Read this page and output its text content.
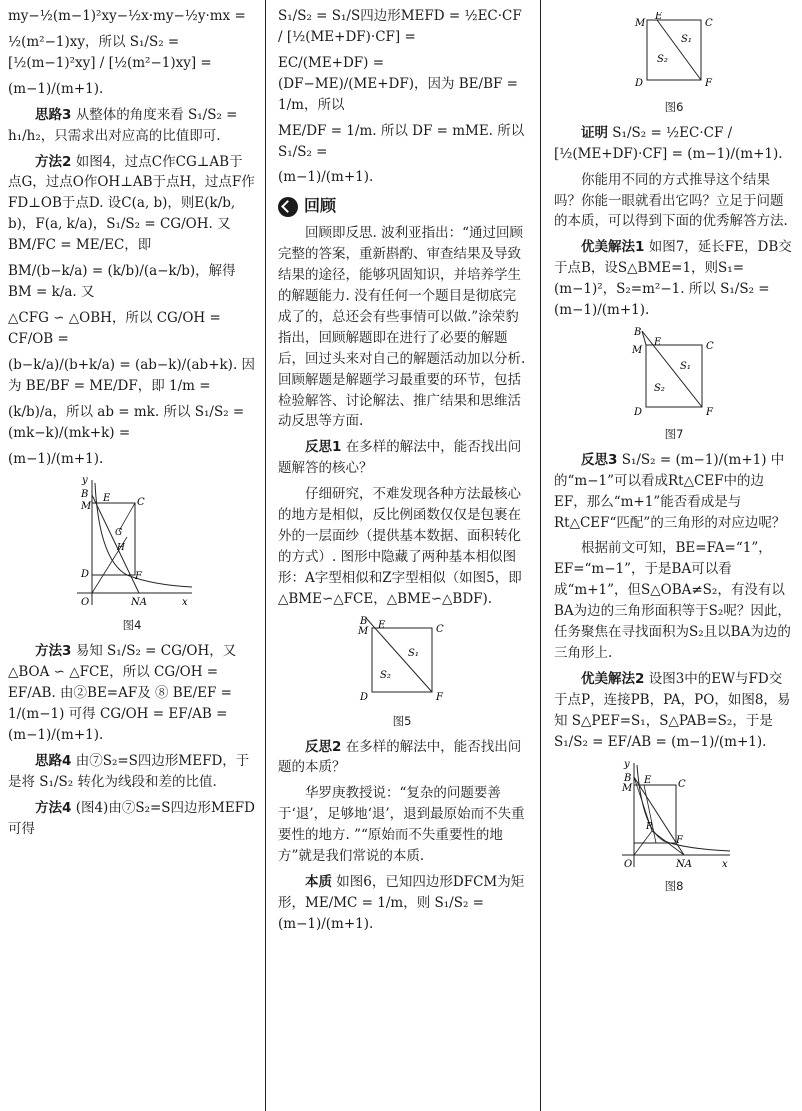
my−½(m−1)²xy−½x·my−½y·mx =

½(m²−1)xy，所以 S₁/S₂ = [½(m−1)²xy] / [½(m²−1)xy] =

(m−1)/(m+1).

思路3 从整体的角度来看 S₁/S₂ = h₁/h₂，只需求出对应高的比值即可.

方法2 如图4，过点C作CG⊥AB于点G，过点O作OH⊥AB于点H，过点F作FD⊥OB于点D. 设C(a, b)，则E(k/b, b)，F(a, k/a)，S₁/S₂ = CG/OH. 又 BM/FC = ME/EC，即

BM/(b−k/a) = (k/b)/(a−k/b)，解得 BM = k/a. 又

△CFG ∽ △OBH，所以 CG/OH = CF/OB =

(b−k/a)/(b+k/a) = (ab−k)/(ab+k). 因为 BE/BF = ME/DF，即 1/m =

(k/b)/a，所以 ab = mk. 所以 S₁/S₂ = (mk−k)/(mk+k) =

(m−1)/(m+1).

B
M
E	C
G
H
D	F
O	NA	x
y
图4

方法3 易知 S₁/S₂ = CG/OH，又△BOA ∽ △FCE，所以 CG/OH = EF/AB. 由②BE=AF及 ⑧ BE/EF = 1/(m−1) 可得 CG/OH = EF/AB = (m−1)/(m+1).

思路4 由⑦S₂=S四边形MEFD，于是将 S₁/S₂ 转化为线段和差的比值.

方法4 (图4)由⑦S₂=S四边形MEFD可得

S₁/S₂ = S₁/S四边形MEFD = ½EC·CF / [½(ME+DF)·CF] =

EC/(ME+DF) = (DF−ME)/(ME+DF)，因为 BE/BF = 1/m，所以

ME/DF = 1/m. 所以 DF = mME. 所以 S₁/S₂ =

(m−1)/(m+1).

回顾

回顾即反思. 波利亚指出：“通过回顾完整的答案，重新斟酌、审查结果及导致结果的途径，能够巩固知识，并培养学生的解题能力. 没有任何一个题目是彻底完成了的，总还会有些事情可以做.”涂荣豹指出，回顾解题即在进行了必要的解题后，回过头来对自己的解题活动加以分析. 回顾解题是解题学习最重要的环节，包括检验解答、讨论解法、推广结果和思维活动反思等方面.

反思1 在多样的解法中，能否找出问题解答的核心？

仔细研究，不难发现各种方法最核心的地方是相似，反比例函数仅仅是包裹在外的一层面纱（提供基本数据、面积转化的方式）. 图形中隐藏了两种基本相似图形：A字型相似和Z字型相似（如图5，即△BME∽△FCE，△BME∽△BDF).

B
M
E	C
S₁
S₂
D	F
图5

反思2 在多样的解法中，能否找出问题的本质？

华罗庚教授说：“复杂的问题要善于‘退’，足够地‘退’，退到最原始而不失重要性的地方. ”“原始而不失重要性的地方”就是我们常说的本质.

本质 如图6，已知四边形DFCM为矩形，ME/MC = 1/m，则 S₁/S₂ = (m−1)/(m+1).

M
E
C
S₁
S₂
D	F
图6

证明 S₁/S₂ = ½EC·CF / [½(ME+DF)·CF] = (m−1)/(m+1).

你能用不同的方式推导这个结果吗？你能一眼就看出它吗？立足于问题的本质，可以得到下面的优秀解答方法.

优美解法1 如图7，延长FE，DB交于点B，设S△BME=1，则S₁=(m−1)²，S₂=m²−1. 所以 S₁/S₂ = (m−1)/(m+1).

B
M
E	C
S₁
S₂
D	F
图7

反思3 S₁/S₂ = (m−1)/(m+1) 中的“m−1”可以看成Rt△CEF中的边EF，那么“m+1”能否看成是与Rt△CEF“匹配”的三角形的对应边呢？

根据前文可知，BE=FA=“1”，EF=“m−1”，于是BA可以看成“m+1”，但S△OBA≠S₂，有没有以BA为边的三角形面积等于S₂呢？因此，任务聚焦在寻找面积为S₂且以BA为边的三角形上.

优美解法2 设图3中的EW与FD交于点P，连接PB，PA，PO，如图8，易知 S△PEF=S₁，S△PAB=S₂，于是 S₁/S₂ = EF/AB = (m−1)/(m+1).

B
M
E	C
P
F
O	NA	x
y
图8
